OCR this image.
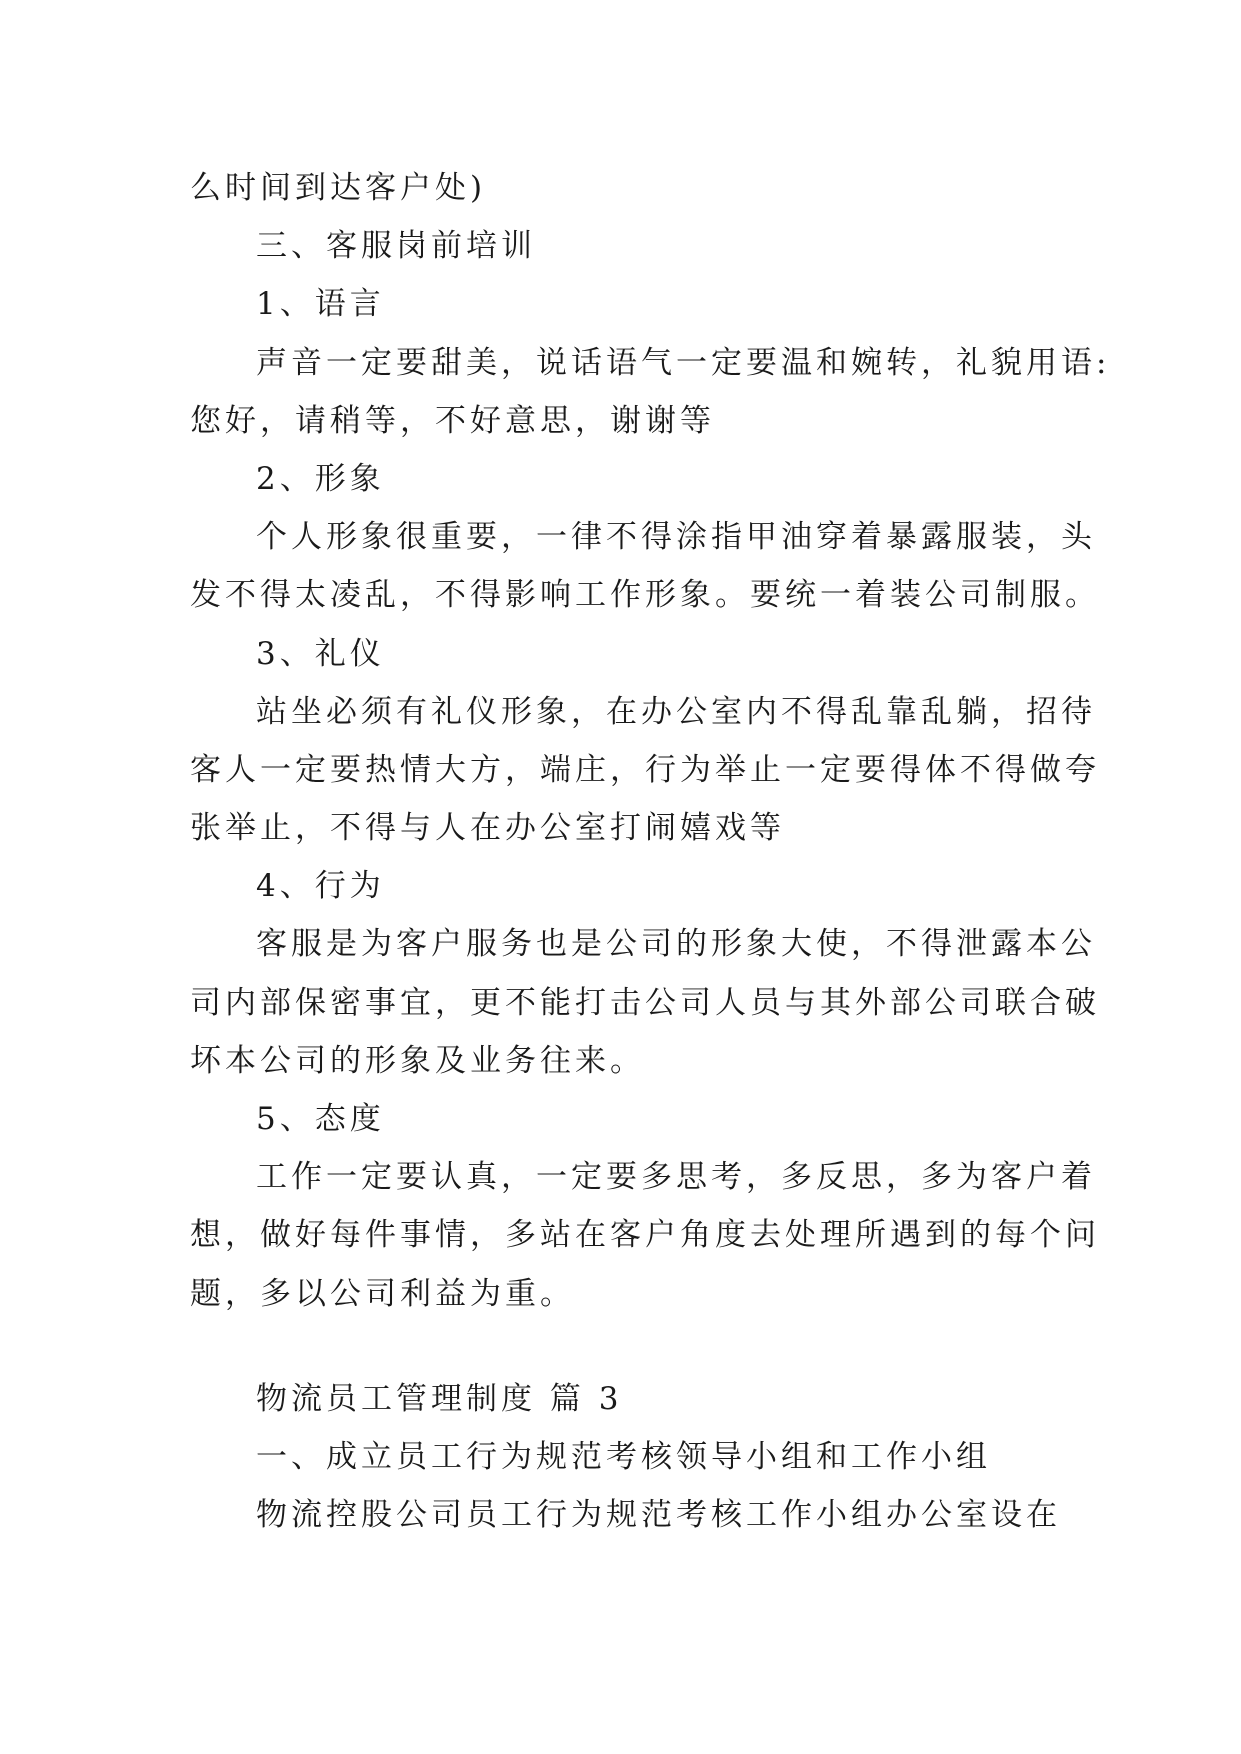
么时间到达客户处)
三、客服岗前培训
1、语言
声音一定要甜美，说话语气一定要温和婉转，礼貌用语:
您好，请稍等，不好意思，谢谢等
2、形象
个人形象很重要，一律不得涂指甲油穿着暴露服装，头
发不得太凌乱，不得影响工作形象。要统一着装公司制服。
3、礼仪
站坐必须有礼仪形象，在办公室内不得乱靠乱躺，招待
客人一定要热情大方，端庄，行为举止一定要得体不得做夸
张举止，不得与人在办公室打闹嬉戏等
4、行为
客服是为客户服务也是公司的形象大使，不得泄露本公
司内部保密事宜，更不能打击公司人员与其外部公司联合破
坏本公司的形象及业务往来。
5、态度
工作一定要认真，一定要多思考，多反思，多为客户着
想，做好每件事情，多站在客户角度去处理所遇到的每个问
题，多以公司利益为重。
物流员工管理制度 篇 3
一、成立员工行为规范考核领导小组和工作小组
物流控股公司员工行为规范考核工作小组办公室设在
